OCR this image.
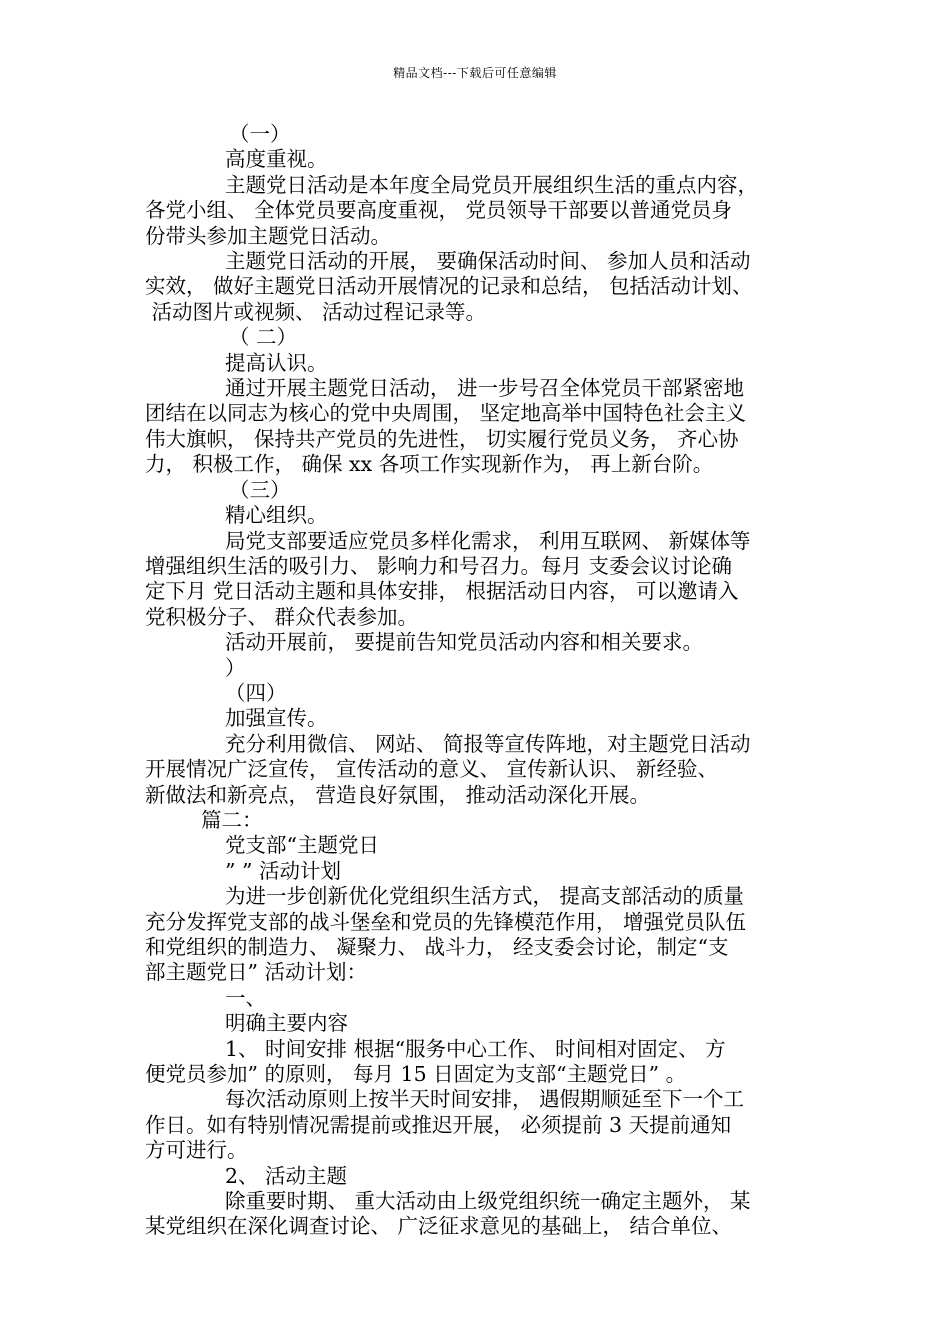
精品文档---下载后可任意编辑

（一）

高度重视。

主题党日活动是本年度全局党员开展组织生活的重点内容，

各党小组、 全体党员要高度重视， 党员领导干部要以普通党员身

份带头参加主题党日活动。

主题党日活动的开展， 要确保活动时间、 参加人员和活动

实效， 做好主题党日活动开展情况的记录和总结， 包括活动计划、

活动图片或视频、 活动过程记录等。

（ 二）

提高认识。

通过开展主题党日活动， 进一步号召全体党员干部紧密地

团结在以同志为核心的党中央周围， 坚定地高举中国特色社会主义

伟大旗帜， 保持共产党员的先进性， 切实履行党员义务， 齐心协

力， 积极工作， 确保 xx 各项工作实现新作为， 再上新台阶。

（三）

精心组织。

局党支部要适应党员多样化需求， 利用互联网、 新媒体等

增强组织生活的吸引力、 影响力和号召力。每月 支委会议讨论确

定下月 党日活动主题和具体安排， 根据活动日内容， 可以邀请入

党积极分子、 群众代表参加。

活动开展前， 要提前告知党员活动内容和相关要求。

）

（四）

加强宣传。

充分利用微信、 网站、 简报等宣传阵地，对主题党日活动

开展情况广泛宣传， 宣传活动的意义、 宣传新认识、 新经验、

新做法和新亮点， 营造良好氛围， 推动活动深化开展。

篇二：

党支部“主题党日

” ” 活动计划

为进一步创新优化党组织生活方式， 提高支部活动的质量

充分发挥党支部的战斗堡垒和党员的先锋模范作用， 增强党员队伍

和党组织的制造力、 凝聚力、 战斗力， 经支委会讨论，制定“支

部主题党日” 活动计划：

一、

明确主要内容

1、 时间安排 根据“服务中心工作、 时间相对固定、 方

便党员参加” 的原则， 每月 15 日固定为支部“主题党日” 。

每次活动原则上按半天时间安排， 遇假期顺延至下一个工

作日。如有特别情况需提前或推迟开展， 必须提前 3 天提前通知

方可进行。

2、 活动主题

除重要时期、 重大活动由上级党组织统一确定主题外， 某

某党组织在深化调查讨论、 广泛征求意见的基础上， 结合单位、
